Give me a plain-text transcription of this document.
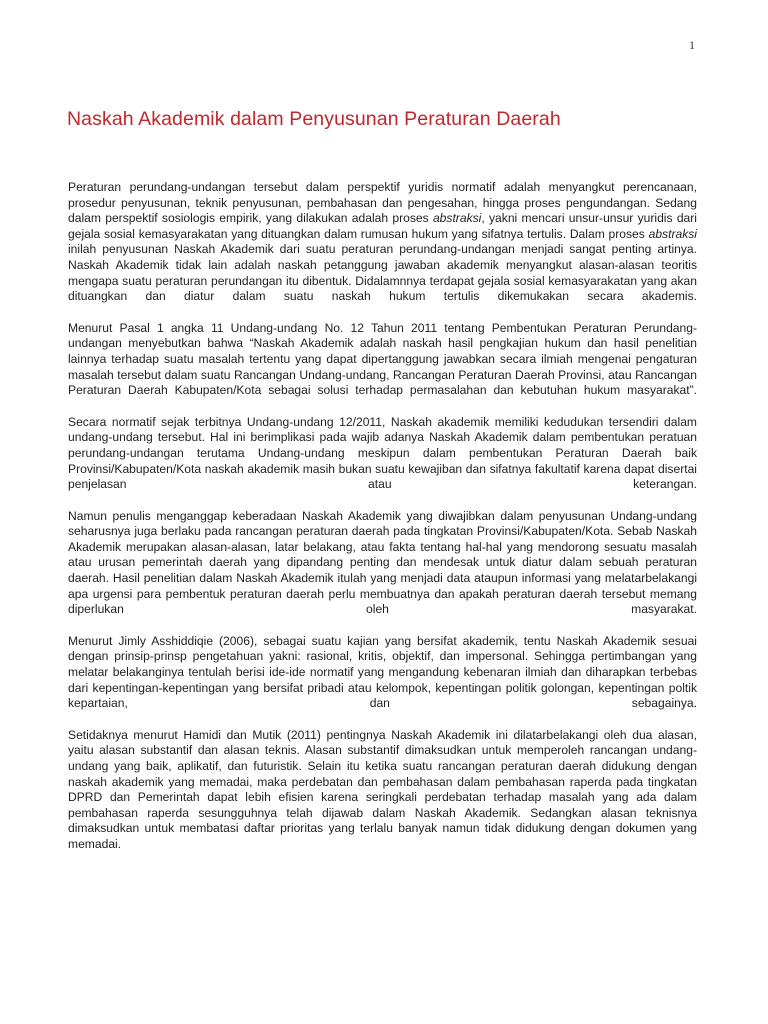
1
Naskah Akademik dalam Penyusunan Peraturan Daerah

Peraturan perundang-undangan tersebut dalam perspektif yuridis normatif adalah menyangkut perencanaan, prosedur penyusunan, teknik penyusunan, pembahasan dan pengesahan, hingga proses pengundangan. Sedang dalam perspektif sosiologis empirik, yang dilakukan adalah proses abstraksi, yakni mencari unsur-unsur yuridis dari gejala sosial kemasyarakatan yang dituangkan dalam rumusan hukum yang sifatnya tertulis. Dalam proses abstraksi inilah penyusunan Naskah Akademik dari suatu peraturan perundang-undangan menjadi sangat penting artinya. Naskah Akademik tidak lain adalah naskah petanggung jawaban akademik menyangkut alasan-alasan teoritis mengapa suatu peraturan perundangan itu dibentuk. Didalamnnya terdapat gejala sosial kemasyarakatan yang akan dituangkan dan diatur dalam suatu naskah hukum tertulis dikemukakan secara akademis.

Menurut Pasal 1 angka 11 Undang-undang No. 12 Tahun 2011 tentang Pembentukan Peraturan Perundang-undangan menyebutkan bahwa “Naskah Akademik adalah naskah hasil pengkajian hukum dan hasil penelitian lainnya terhadap suatu masalah tertentu yang dapat dipertanggung jawabkan secara ilmiah mengenai pengaturan masalah tersebut dalam suatu Rancangan Undang-undang, Rancangan Peraturan Daerah Provinsi, atau Rancangan Peraturan Daerah Kabupaten/Kota sebagai solusi terhadap permasalahan dan kebutuhan hukum masyarakat”.

Secara normatif sejak terbitnya Undang-undang 12/2011, Naskah akademik memiliki kedudukan tersendiri dalam undang-undang tersebut. Hal ini berimplikasi pada wajib adanya Naskah Akademik dalam pembentukan peratuan perundang-undangan terutama Undang-undang meskipun dalam pembentukan Peraturan Daerah baik Provinsi/Kabupaten/Kota naskah akademik masih bukan suatu kewajiban dan sifatnya fakultatif karena dapat disertai penjelasan atau keterangan.

Namun penulis menganggap keberadaan Naskah Akademik yang diwajibkan dalam penyusunan Undang-undang seharusnya juga berlaku pada rancangan peraturan daerah pada tingkatan Provinsi/Kabupaten/Kota. Sebab Naskah Akademik merupakan alasan-alasan, latar belakang, atau fakta tentang hal-hal yang mendorong sesuatu masalah atau urusan pemerintah daerah yang dipandang penting dan mendesak untuk diatur dalam sebuah peraturan daerah. Hasil penelitian dalam Naskah Akademik itulah yang menjadi data ataupun informasi yang melatarbelakangi apa urgensi para pembentuk peraturan daerah perlu membuatnya dan apakah peraturan daerah tersebut memang diperlukan oleh masyarakat.

Menurut Jimly Asshiddiqie (2006), sebagai suatu kajian yang bersifat akademik, tentu Naskah Akademik sesuai dengan prinsip-prinsp pengetahuan yakni: rasional, kritis, objektif, dan impersonal. Sehingga pertimbangan yang melatar belakanginya tentulah berisi ide-ide normatif yang mengandung kebenaran ilmiah dan diharapkan terbebas dari kepentingan-kepentingan yang bersifat pribadi atau kelompok, kepentingan politik golongan, kepentingan poltik kepartaian, dan sebagainya.

Setidaknya menurut Hamidi dan Mutik (2011) pentingnya Naskah Akademik ini dilatarbelakangi oleh dua alasan, yaitu alasan substantif dan alasan teknis. Alasan substantif dimaksudkan untuk memperoleh rancangan undang-undang yang baik, aplikatif, dan futuristik. Selain itu ketika suatu rancangan peraturan daerah didukung dengan naskah akademik yang memadai, maka perdebatan dan pembahasan dalam pembahasan raperda pada tingkatan DPRD dan Pemerintah dapat lebih efisien karena seringkali perdebatan terhadap masalah yang ada dalam pembahasan raperda sesungguhnya telah dijawab dalam Naskah Akademik. Sedangkan alasan teknisnya dimaksudkan untuk membatasi daftar prioritas yang terlalu banyak namun tidak didukung dengan dokumen yang memadai.
